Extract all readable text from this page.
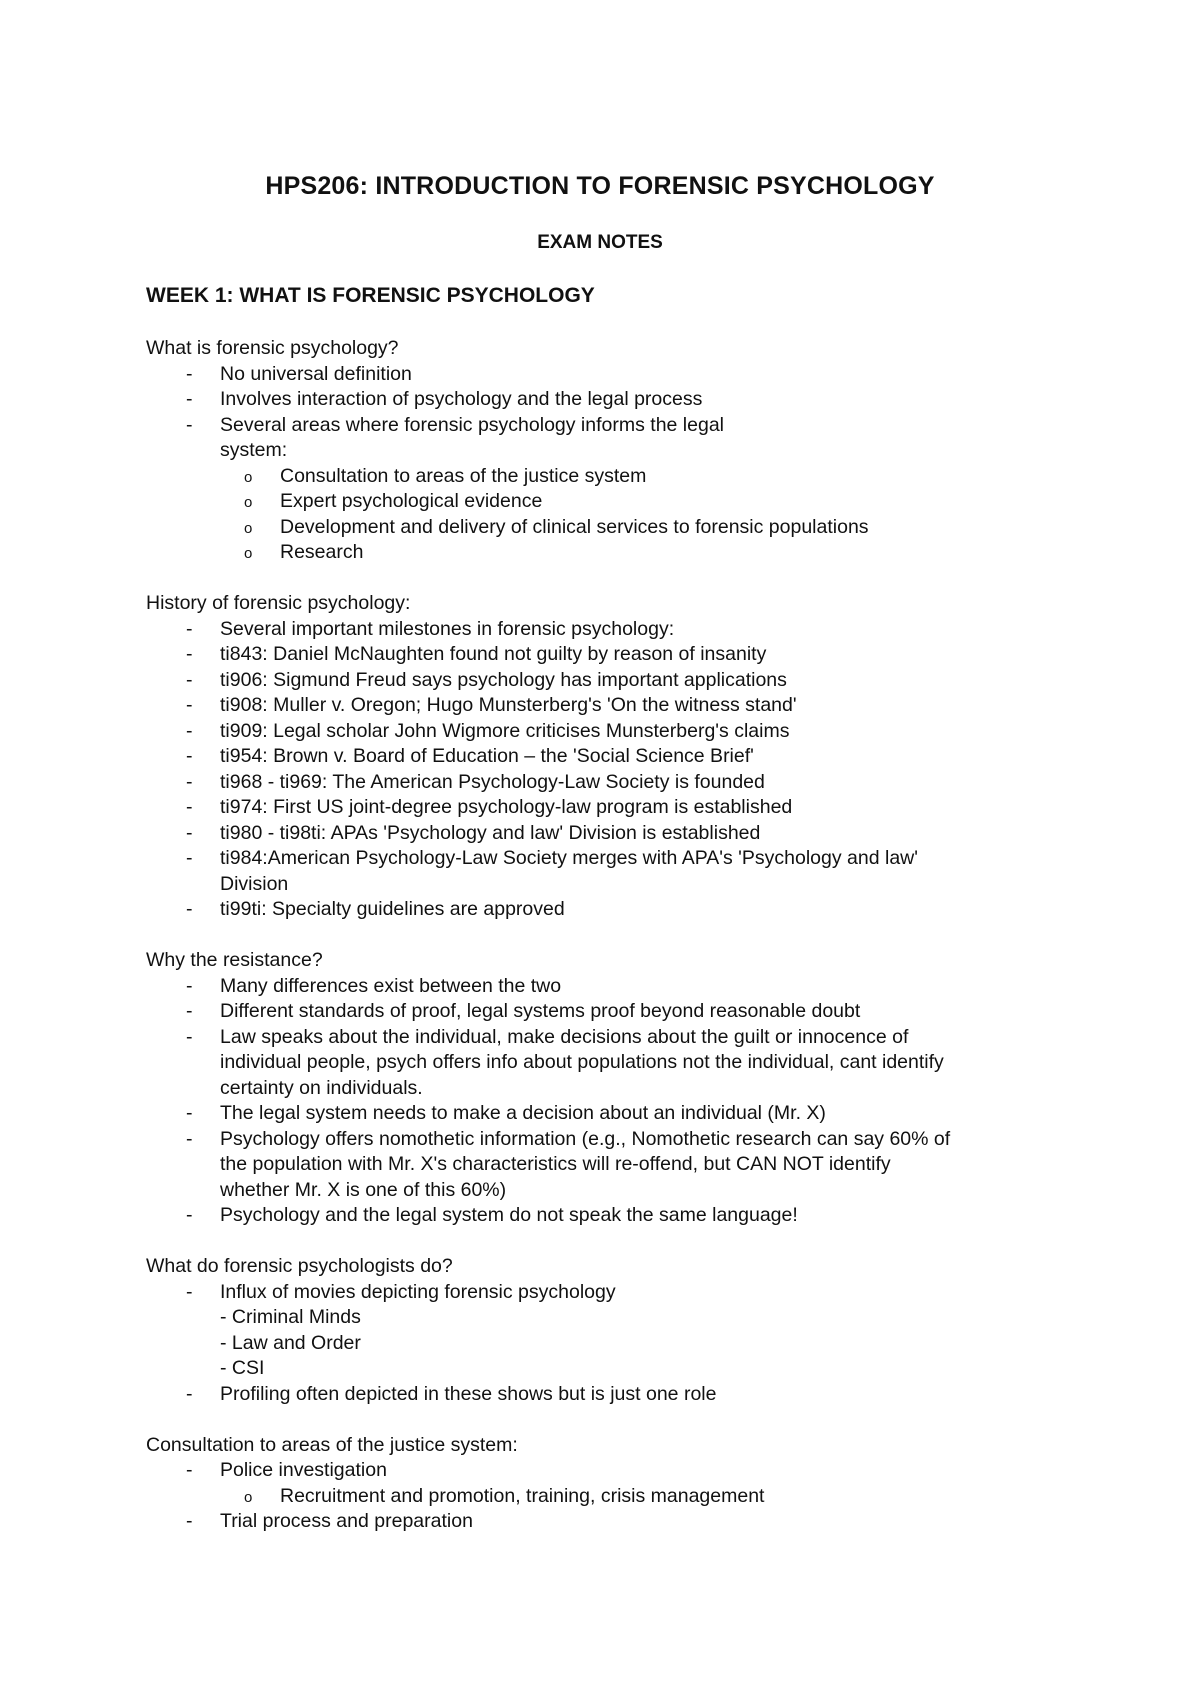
HPS206: INTRODUCTION TO FORENSIC PSYCHOLOGY
EXAM NOTES
WEEK 1: WHAT IS FORENSIC PSYCHOLOGY

What is forensic psychology?

- No universal definition
- Involves interaction of psychology and the legal process
- Several areas where forensic psychology informs the legal
system:
o	Consultation to areas of the justice system
o	Expert psychological evidence
o	Development and delivery of clinical services to forensic populations
o	Research

History of forensic psychology:

- Several important milestones in forensic psychology:
- ti843: Daniel McNaughten found not guilty by reason of insanity
- ti906: Sigmund Freud says psychology has important applications
- ti908: Muller v. Oregon; Hugo Munsterberg's 'On the witness stand'
- ti909: Legal scholar John Wigmore criticises Munsterberg's claims
- ti954: Brown v. Board of Education – the 'Social Science Brief'
- ti968 - ti969: The American Psychology-Law Society is founded
- ti974: First US joint-degree psychology-law program is established
- ti980 - ti98ti: APAs 'Psychology and law' Division is established
- ti984:American Psychology-Law Society merges with APA's 'Psychology and law'
Division
- ti99ti: Specialty guidelines are approved

Why the resistance?

- Many differences exist between the two
- Different standards of proof, legal systems proof beyond reasonable doubt
- Law speaks about the individual, make decisions about the guilt or innocence of
individual people, psych offers info about populations not the individual, cant identify
certainty on individuals.
- The legal system needs to make a decision about an individual (Mr. X)
- Psychology offers nomothetic information (e.g., Nomothetic research can say 60% of
the population with Mr. X's characteristics will re-offend, but CAN NOT identify
whether Mr. X is one of this 60%)
- Psychology and the legal system do not speak the same language!

What do forensic psychologists do?

- Influx of movies depicting forensic psychology
- Criminal Minds
- Law and Order
- CSI
- Profiling often depicted in these shows but is just one role

Consultation to areas of the justice system:

- Police investigation
o	Recruitment and promotion, training, crisis management
- Trial process and preparation
